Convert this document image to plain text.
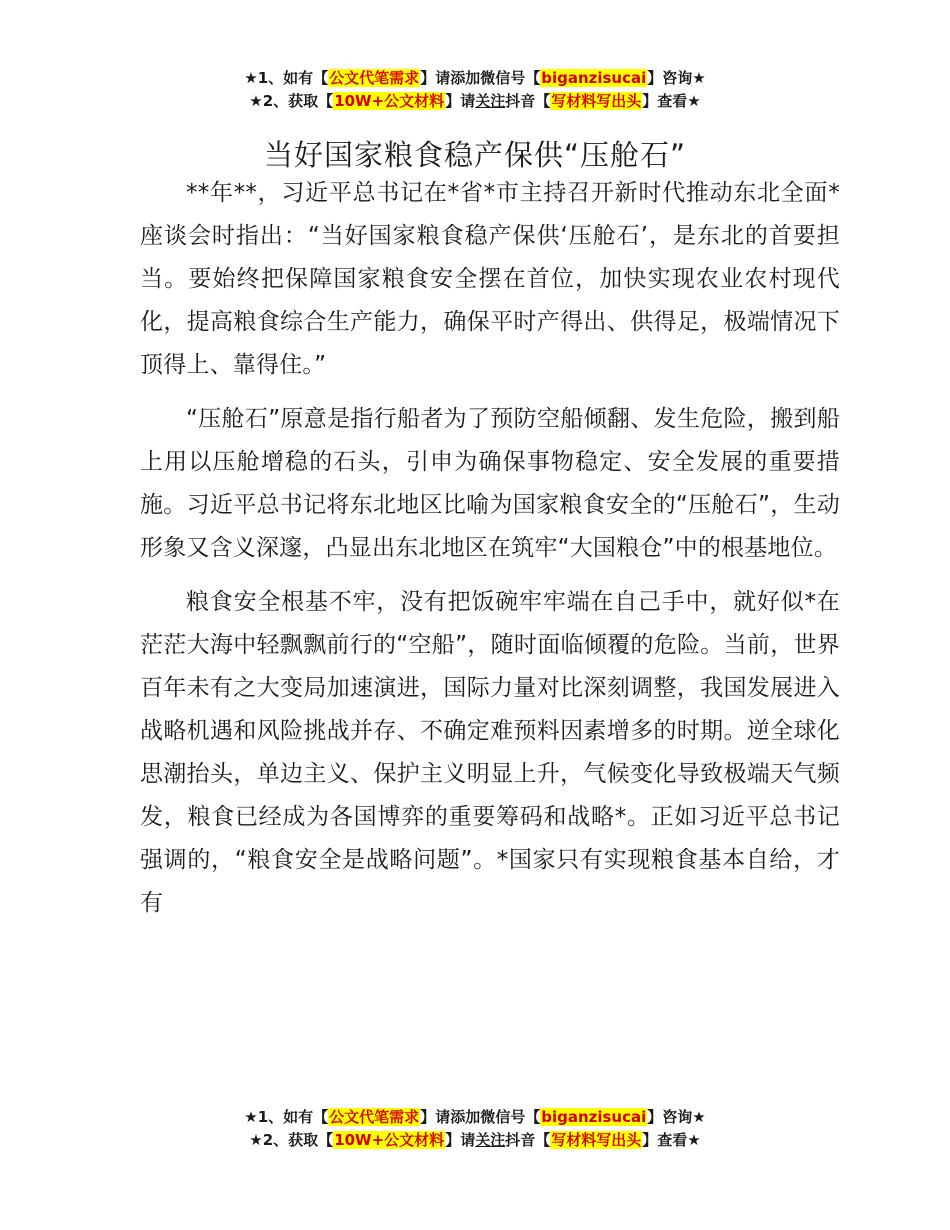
★1、如有【公文代笔需求】请添加微信号【biganzisucai】咨询★
★2、获取【10W+公文材料】请关注抖音【写材料写出头】查看★
当好国家粮食稳产保供“压舱石”

**年**，习近平总书记在*省*市主持召开新时代推动东北全面*座谈会时指出：“当好国家粮食稳产保供‘压舱石’，是东北的首要担当。要始终把保障国家粮食安全摆在首位，加快实现农业农村现代化，提高粮食综合生产能力，确保平时产得出、供得足，极端情况下顶得上、靠得住。”

“压舱石”原意是指行船者为了预防空船倾翻、发生危险，搬到船上用以压舱增稳的石头，引申为确保事物稳定、安全发展的重要措施。习近平总书记将东北地区比喻为国家粮食安全的“压舱石”，生动形象又含义深邃，凸显出东北地区在筑牢“大国粮仓”中的根基地位。

粮食安全根基不牢，没有把饭碗牢牢端在自己手中，就好似*在茫茫大海中轻飘飘前行的“空船”，随时面临倾覆的危险。当前，世界百年未有之大变局加速演进，国际力量对比深刻调整，我国发展进入战略机遇和风险挑战并存、不确定难预料因素增多的时期。逆全球化思潮抬头，单边主义、保护主义明显上升，气候变化导致极端天气频发，粮食已经成为各国博弈的重要筹码和战略*。正如习近平总书记强调的，“粮食安全是战略问题”。*国家只有实现粮食基本自给，才有

★1、如有【公文代笔需求】请添加微信号【biganzisucai】咨询★
★2、获取【10W+公文材料】请关注抖音【写材料写出头】查看★
